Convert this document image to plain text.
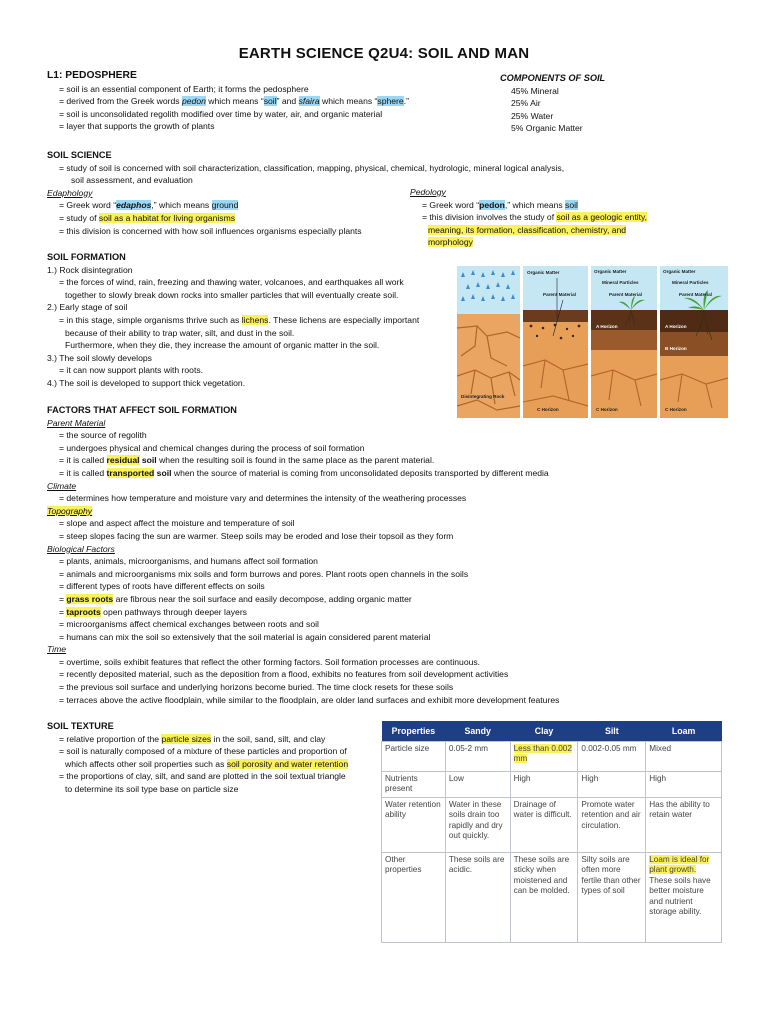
EARTH SCIENCE Q2U4: SOIL AND MAN
L1: PEDOSPHERE
= soil is an essential component of Earth; it forms the pedosphere
= derived from the Greek words pedon which means “soil” and sfaira which means “sphere.”
= soil is unconsolidated regolith modified over time by water, air, and organic material
= layer that supports the growth of plants
COMPONENTS OF SOIL
45% Mineral
25% Air
25% Water
5% Organic Matter
SOIL SCIENCE
= study of soil is concerned with soil characterization, classification, mapping, physical, chemical, hydrologic, mineral logical analysis,
soil assessment, and evaluation
Edaphology
= Greek word “edaphos,” which means ground
= study of soil as a habitat for living organisms
= this division is concerned with how soil influences organisms especially plants
Pedology
= Greek word “pedon,” which means soil
= this division involves the study of soil as a geologic entity,
meaning, its formation, classification, chemistry, and
morphology
SOIL FORMATION
1.) Rock disintegration
= the forces of wind, rain, freezing and thawing water, volcanoes, and earthquakes all work
together to slowly break down rocks into smaller particles that will eventually create soil.
2.) Early stage of soil
= in this stage, simple organisms thrive such as lichens. These lichens are especially important
because of their ability to trap water, silt, and dust in the soil.
Furthermore, when they die, they increase the amount of organic matter in the soil.
3.) The soil slowly develops
= it can now support plants with roots.
4.) The soil is developed to support thick vegetation.
Organic Matter
Parent Material
C Horizon
Organic Matter
Mineral Particles
Parent Material
A Horizon
C Horizon
Organic Matter
Mineral Particles
Parent Material
A Horizon
B Horizon
C Horizon
Disintegrating Rock
FACTORS THAT AFFECT SOIL FORMATION
Parent Material
= the source of regolith
= undergoes physical and chemical changes during the process of soil formation
= it is called residual soil when the resulting soil is found in the same place as the parent material.
= it is called transported soil when the source of material is coming from unconsolidated deposits transported by different media
Climate
= determines how temperature and moisture vary and determines the intensity of the weathering processes
Topography
= slope and aspect affect the moisture and temperature of soil
= steep slopes facing the sun are warmer. Steep soils may be eroded and lose their topsoil as they form
Biological Factors
= plants, animals, microorganisms, and humans affect soil formation
= animals and microorganisms mix soils and form burrows and pores. Plant roots open channels in the soils
= different types of roots have different effects on soils
= grass roots are fibrous near the soil surface and easily decompose, adding organic matter
= taproots open pathways through deeper layers
= microorganisms affect chemical exchanges between roots and soil
= humans can mix the soil so extensively that the soil material is again considered parent material
Time
= overtime, soils exhibit features that reflect the other forming factors. Soil formation processes are continuous.
= recently deposited material, such as the deposition from a flood, exhibits no features from soil development activities
= the previous soil surface and underlying horizons become buried. The time clock resets for these soils
= terraces above the active floodplain, while similar to the floodplain, are older land surfaces and exhibit more development features
SOIL TEXTURE
= relative proportion of the particle sizes in the soil, sand, silt, and clay
= soil is naturally composed of a mixture of these particles and proportion of
which affects other soil properties such as soil porosity and water retention
= the proportions of clay, silt, and sand are plotted in the soil textual triangle
to determine its soil type base on particle size
Properties	Sandy	Clay	Silt	Loam
Particle size	0.05-2 mm	Less than 0.002 mm	0.002-0.05 mm	Mixed
Nutrients present	Low	High	High	High
Water retention ability	Water in these soils drain too rapidly and dry out quickly.	Drainage of water is difficult.	Promote water retention and air circulation.	Has the ability to retain water
Other properties	These soils are acidic.	These soils are sticky when moistened and can be molded.	Silty soils are often more fertile than other types of soil	Loam is ideal for plant growth. These soils have better moisture and nutrient storage ability.
